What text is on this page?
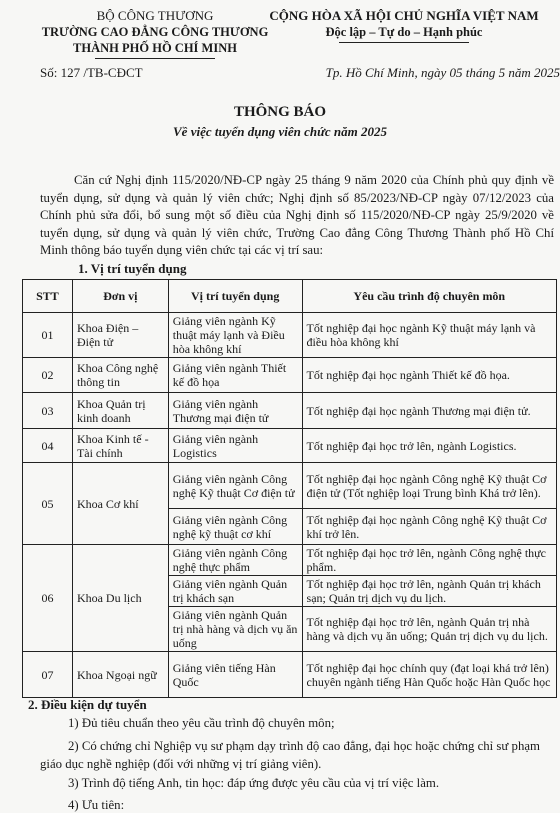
BỘ CÔNG THƯƠNG
TRƯỜNG CAO ĐẲNG CÔNG THƯƠNG
THÀNH PHỐ HỒ CHÍ MINH
CỘNG HÒA XÃ HỘI CHỦ NGHĨA VIỆT NAM
Độc lập – Tự do – Hạnh phúc
Số: 127 /TB-CĐCT	Tp. Hồ Chí Minh, ngày 05 tháng 5 năm 2025
THÔNG BÁO
Về việc tuyển dụng viên chức năm 2025
Căn cứ Nghị định 115/2020/NĐ-CP ngày 25 tháng 9 năm 2020 của Chính phủ quy định về tuyển dụng, sử dụng và quản lý viên chức; Nghị định số 85/2023/NĐ-CP ngày 07/12/2023 của Chính phủ sửa đổi, bổ sung một số điều của Nghị định số 115/2020/NĐ-CP ngày 25/9/2020 về tuyển dụng, sử dụng và quản lý viên chức, Trường Cao đẳng Công Thương Thành phố Hồ Chí Minh thông báo tuyển dụng viên chức tại các vị trí sau:
1. Vị trí tuyển dụng
STT	Đơn vị	Vị trí tuyển dụng	Yêu cầu trình độ chuyên môn
01	Khoa Điện – Điện tử	Giảng viên ngành Kỹ thuật máy lạnh và Điều hòa không khí	Tốt nghiệp đại học ngành Kỹ thuật máy lạnh và điều hòa không khí
02	Khoa Công nghệ thông tin	Giảng viên ngành Thiết kế đồ họa	Tốt nghiệp đại học ngành Thiết kế đồ họa.
03	Khoa Quản trị kinh doanh	Giảng viên ngành Thương mại điện tử	Tốt nghiệp đại học ngành Thương mại điện tử.
04	Khoa Kinh tế - Tài chính	Giảng viên ngành Logistics	Tốt nghiệp đại học trở lên, ngành Logistics.
05	Khoa Cơ khí	Giảng viên ngành Công nghệ Kỹ thuật Cơ điện tử	Tốt nghiệp đại học ngành Công nghệ Kỹ thuật Cơ điện tử (Tốt nghiệp loại Trung bình Khá trở lên).
		Giảng viên ngành Công nghệ kỹ thuật cơ khí	Tốt nghiệp đại học ngành Công nghệ Kỹ thuật Cơ khí trở lên.
06	Khoa Du lịch	Giảng viên ngành Công nghệ thực phẩm	Tốt nghiệp đại học trở lên, ngành Công nghệ thực phẩm.
		Giảng viên ngành Quản trị khách sạn	Tốt nghiệp đại học trở lên, ngành Quản trị khách sạn; Quản trị dịch vụ du lịch.
		Giảng viên ngành Quản trị nhà hàng và dịch vụ ăn uống	Tốt nghiệp đại học trở lên, ngành Quản trị nhà hàng và dịch vụ ăn uống; Quản trị dịch vụ du lịch.
07	Khoa Ngoại ngữ	Giảng viên tiếng Hàn Quốc	Tốt nghiệp đại học chính quy (đạt loại khá trở lên) chuyên ngành tiếng Hàn Quốc hoặc Hàn Quốc học
2. Điều kiện dự tuyển
1) Đủ tiêu chuẩn theo yêu cầu trình độ chuyên môn;
2) Có chứng chỉ Nghiệp vụ sư phạm dạy trình độ cao đẳng, đại học hoặc chứng chỉ sư phạm giáo dục nghề nghiệp (đối với những vị trí giảng viên).
3) Trình độ tiếng Anh, tin học: đáp ứng được yêu cầu của vị trí việc làm.
4) Ưu tiên:
